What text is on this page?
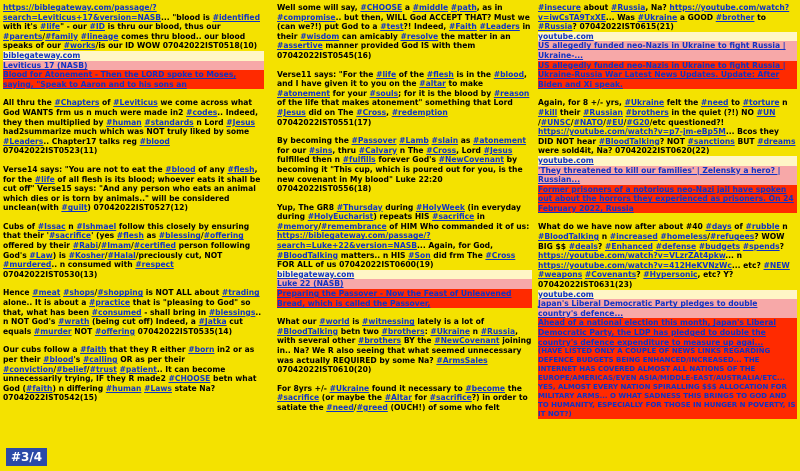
https://biblegateway.com/passage/?search=Leviticus+17&version=NASB... "blood is #identified with it's #life" - our #ID is thru our blood, thus our #parents/#family #lineage comes thru blood.. our blood speaks of our #works/is our ID WOW 07042022IST0518(10)

biblegateway.com
Leviticus 17 (NASB)
Blood for Atonement - Then the LORD spoke to Moses, saying, "Speak to Aaron and to his sons an

All thru the #Chapters of #Leviticus we come across what God WANTS frm us n much were made in2 #codes.. Indeed, they then multiplied by #human #standards n Lord #Jesus had2summarize much which was NOT truly liked by some #Leaders.. Chapter17 talks reg #blood 07042022IST0523(11)

Verse14 says: "You are not to eat the #blood of any #flesh, for the #life of all flesh is its blood; whoever eats it shall be cut off" Verse15 says: "And any person who eats an animal which dies or is torn by animals.." will be considered unclean(with #guilt) 07042022IST0527(12)

Cubs of #Issac n #Ishmael follow this closely by ensuring that their '#sacrifice' (yes #flesh as #blessing/#offering offered by their #Rabi/#Imam/#certified person following God's #Law) is #Kosher/#Halal/preciously cut, NOT #murdered.. n consumed with #respect 07042022IST0530(13)

Hence #meat #shops/#shopping is NOT ALL about #trading alone.. It is about a #practice that is "pleasing to God" so that, what has been #consumed - shall bring in #blessings.. n NOT God's #wrath (being cut off) Indeed, a #Jatka cut equals #murder NOT #offering 07042022IST0535(14)

Our cubs follow a #faith that they R either #born in2 or as per their #blood's #calling OR as per their #conviction/#belief/#trust #patient.. It can become unnecessarily trying, IF they R made2 #CHOOSE betn what God (#faith) n differing #human #Laws state Na? 07042022IST0542(15)

Well some will say, #CHOOSE a #middle #path, as in #compromise.. but then, WILL God ACCEPT THAT? Must we (can we?!) put God to a #test?! Indeed, #Faith #Leaders in their #wisdom can amicably #resolve the matter in an #assertive manner provided God IS with them 07042022IST0545(16)

Verse11 says: "For the #life of the #flesh is in the #blood, and I have given it to you on the #altar to make #atonement for your #souls; for it is the blood by #reason of the life that makes atonement" something that Lord #Jesus did on The #Cross, #redemption 07042022IST0551(17)

By becoming the #Passover #Lamb #slain as #atonement for our #sins, thru #Calvary n The #Cross, Lord #Jesus fulfilled then n #fulfills forever God's #NewCovenant by becoming it "This cup, which is poured out for you, is the new covenant in My blood" Luke 22:20 07042022IST0556(18)

Yup, The GR8 #Thursday during #HolyWeek (in everyday during #HolyEucharist) repeats HIS #sacrifice in #memory/#remembrance of HIM Who commanded it of us: https://biblegateway.com/passage/?search=Luke+22&version=NASB... Again, for God, #BloodTalking matters.. n HIS #Son did frm The #Cross FOR ALL of us 07042022IST0600(19)

biblegateway.com
Luke 22 (NASB)
Preparing the Passover - Now the Feast of Unleavened Bread, which is called the Passover,

What our #world is #witnessing lately is a lot of #BloodTalking betn two #brothers: #Ukraine n #Russia, with several other #brothers BY the #NewCovenant joining in.. Na? We R also seeing that what seemed unnecessary was actually REQUIRED by some Na? #ArmsSales 07042022IST0610(20)

For 8yrs +/- #Ukraine found it necessary to #become the #sacrifice (or maybe the #Altar for #sacrifice?) in order to satiate the #need/#greed (OUCH!) of some who felt

#insecure about #Russia, Na? https://youtube.com/watch?v=iwCsTA9TxXE... Was #Ukraine a GOOD #brother to #Russia? 07042022IST0615(21)

youtube.com
US allegedly funded neo-Nazis in Ukraine to fight Russia | Ukraine-...
US allegedly funded neo-Nazis in Ukraine to fight Russia | Ukraine-Russia War Latest News Updates. Update: After Biden and Xi speak.

Again, for 8 +/- yrs, #Ukraine felt the #need to #torture n #kill their #Russian #brothers in the quiet (?!) NO #UN /#UNSC/#NATO/#EU/#G20/etc questioned?! https://youtube.com/watch?v=p7-jm-eBp5M... Bcos they DID NOT hear #BloodTalking? NOT #sanctions BUT #dreams were sold4it, Na? 07042022IST0620(22)

youtube.com
'They threatened to kill our families' | Zelensky a hero? | Russian...
Former prisoners of a notorious neo-Nazi jail have spoken out about the horrors they experienced as prisoners. On 24 February 2022, Russia

What do we have now after about #40 #days of #rubble n #BloodTalking n #increased #homeless/#refugees? WOW BIG $$ #deals? #Enhanced #defense #budgets #spends? https://youtube.com/watch?v=VLzrZAt4pkw... n https://youtube.com/watch?v=412HeKVNzWc... etc? #NEW #weapons #Covenants? #Hypersonic, etc? Y? 07042022IST0631(23)

youtube.com
Japan's Liberal Democratic Party pledges to double country's defence...
Ahead of a national election this month, Japan's Liberal Democratic Party, the LDP has pledged to double the country's defence expenditure to measure up agai...
(HAVE LISTED ONLY A COUPLE OF NEWS LINKS REGARDING DEFENCE BUDGETS BEING ENHANCED/INCREASED... THE INTERNET HAS COVERED ALMOST ALL NATIONS OF THE EUROPE/AMERICAS/EVEN ASIA/MIDDLE-EAST/AUSTRALIA/ETC... YES, ALMOST EVERY NATION SPIRALLING $$$ ALLOCATION FOR MILITARY ARMS... O WHAT SADNESS THIS BRINGS TO GOD AND TO HUMANITY, ESPECIALLY FOR THOSE IN HUNGER N POVERTY, IS IT NOT?)
#3/4
